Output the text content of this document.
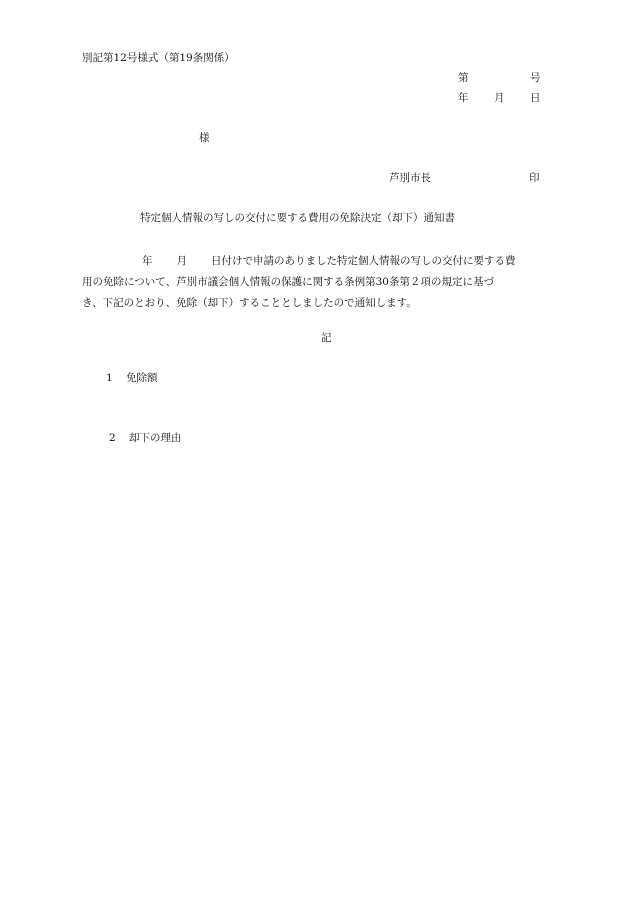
別記第12号様式（第19条関係）
第	号
年 月 日
様
芦別市長	印
特定個人情報の写しの交付に要する費用の免除決定（却下）通知書
年 月 日付けで申請のありました特定個人情報の写しの交付に要する費
用の免除について、芦別市議会個人情報の保護に関する条例第30条第２項の規定に基づ
き、下記のとおり、免除（却下）することとしましたので通知します。
記
1 免除額
2 却下の理由
